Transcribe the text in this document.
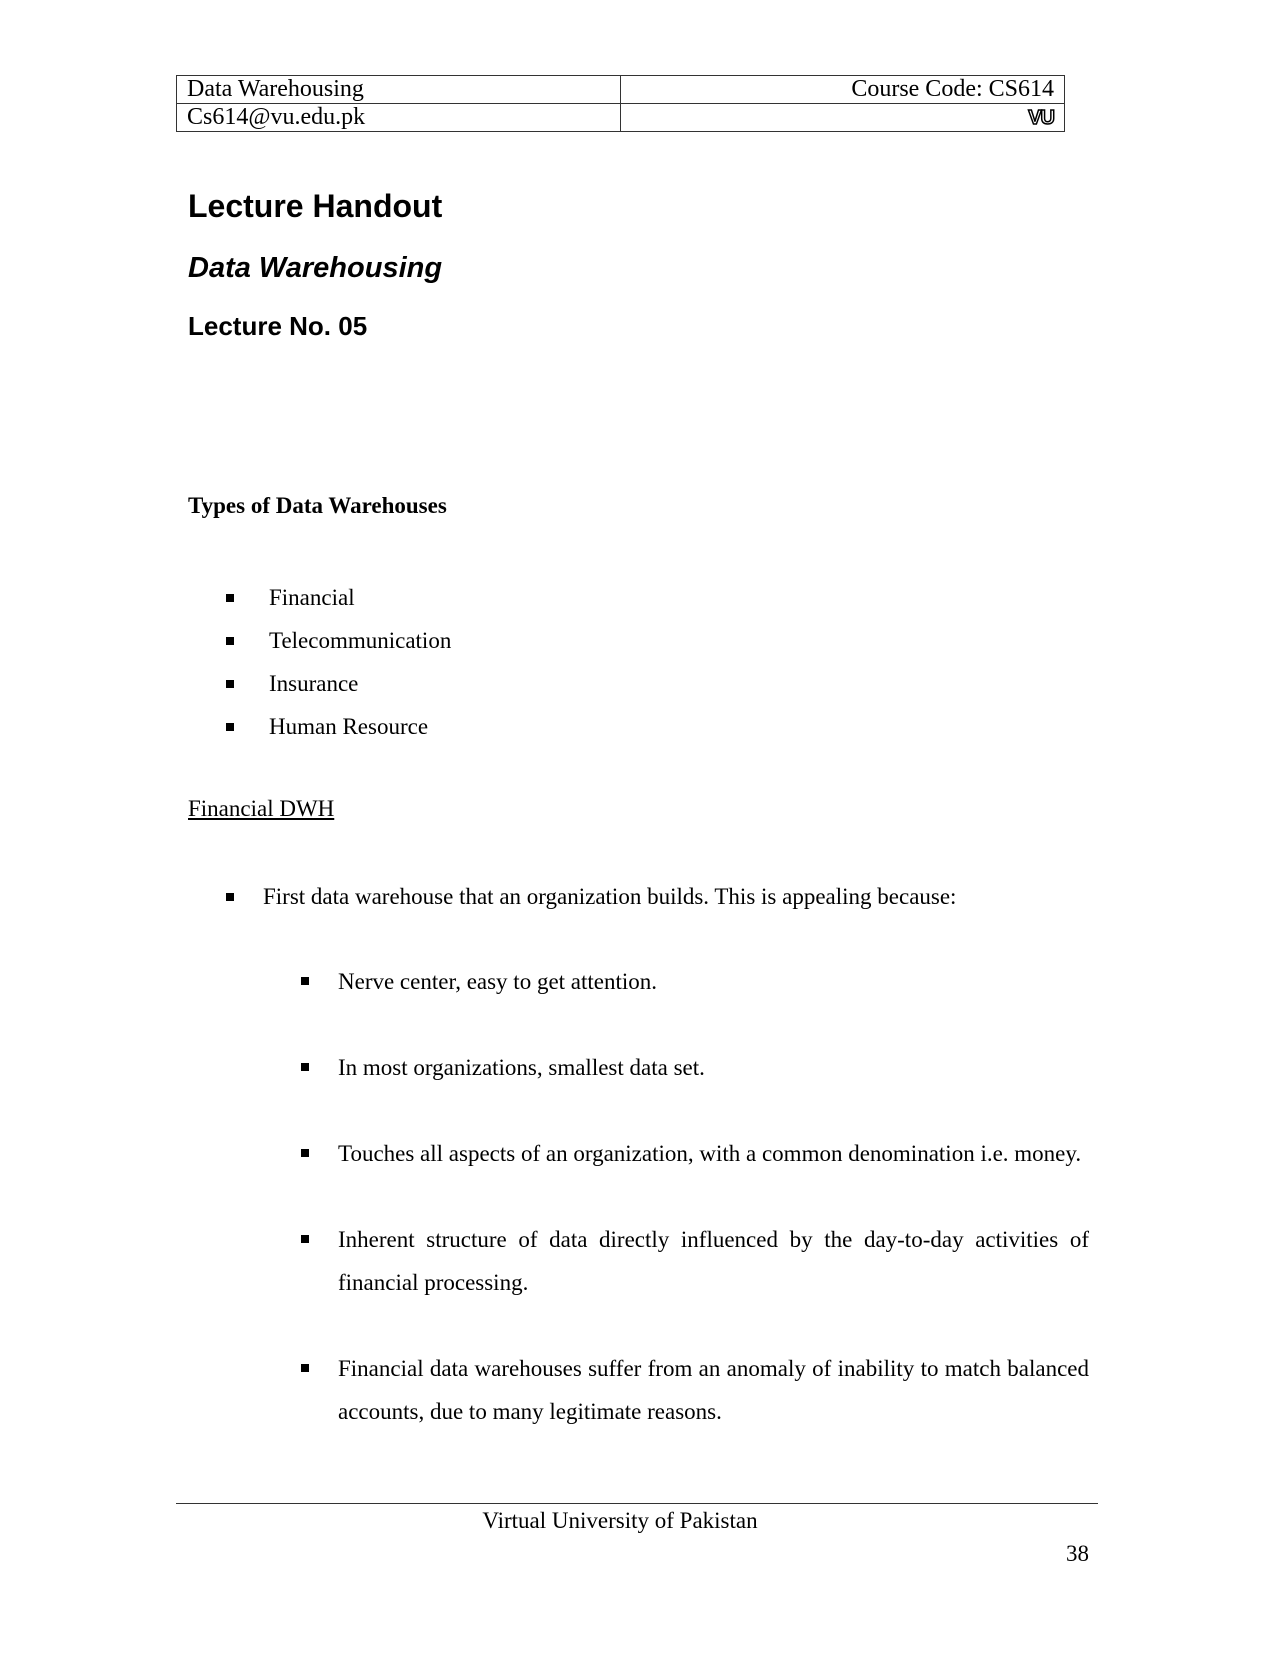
Data Warehousing	Course Code: CS614
Cs614@vu.edu.pk	VU
Lecture Handout
Data Warehousing
Lecture No. 05
Types of Data Warehouses
Financial
Telecommunication
Insurance
Human Resource
Financial DWH
First data warehouse that an organization builds. This is appealing because:
Nerve center, easy to get attention.
In most organizations, smallest data set.
Touches all aspects of an organization, with a common denomination i.e. money.
Inherent structure of data directly influenced by the day-to-day activities of financial processing.
Financial data warehouses suffer from an anomaly of inability to match balanced accounts, due to many legitimate reasons.
Virtual University of Pakistan
38
